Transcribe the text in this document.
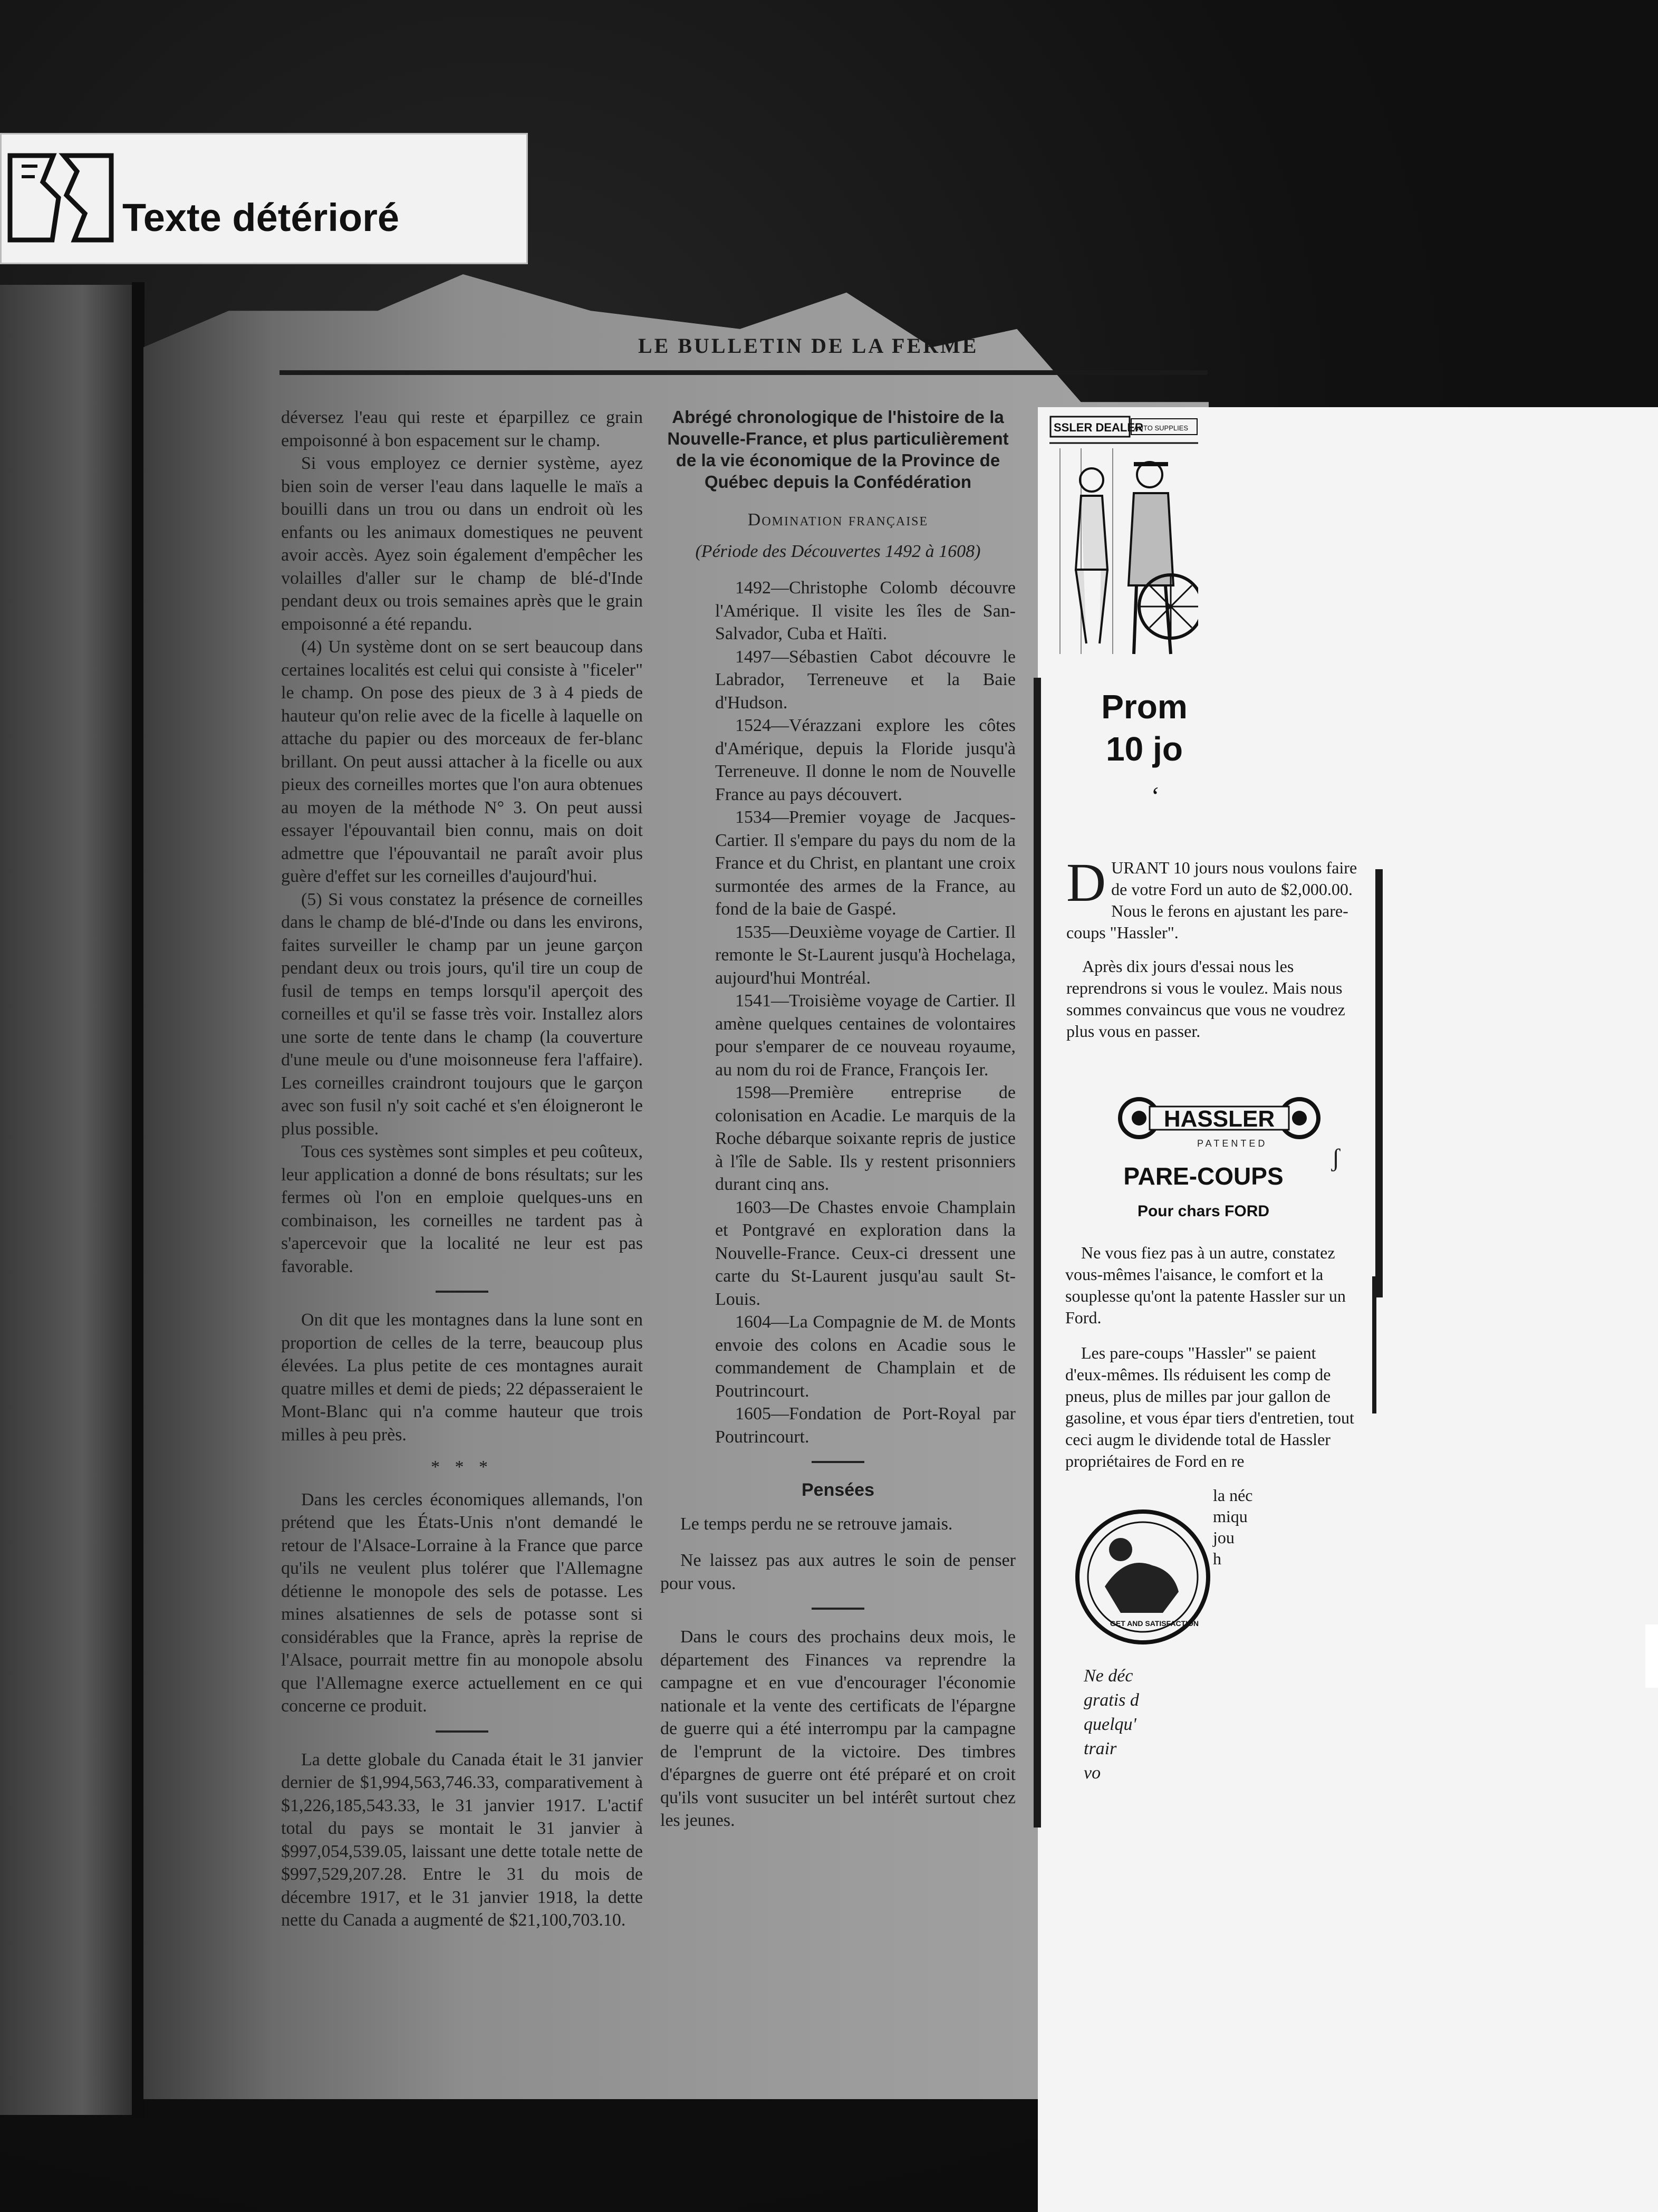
Texte détérioré
LE BULLETIN DE LA FERME

déversez l'eau qui reste et éparpillez ce grain empoisonné à bon espacement sur le champ.

Si vous employez ce dernier système, ayez bien soin de verser l'eau dans laquelle le maïs a bouilli dans un trou ou dans un endroit où les enfants ou les animaux domestiques ne peuvent avoir accès. Ayez soin également d'empêcher les volailles d'aller sur le champ de blé-d'Inde pendant deux ou trois semaines après que le grain empoisonné a été repandu.

(4) Un système dont on se sert beaucoup dans certaines localités est celui qui consiste à "ficeler" le champ. On pose des pieux de 3 à 4 pieds de hauteur qu'on relie avec de la ficelle à laquelle on attache du papier ou des morceaux de fer-blanc brillant. On peut aussi attacher à la ficelle ou aux pieux des corneilles mortes que l'on aura obtenues au moyen de la méthode N° 3. On peut aussi essayer l'épouvantail bien connu, mais on doit admettre que l'épouvantail ne paraît avoir plus guère d'effet sur les corneilles d'aujourd'hui.

(5) Si vous constatez la présence de corneilles dans le champ de blé-d'Inde ou dans les environs, faites surveiller le champ par un jeune garçon pendant deux ou trois jours, qu'il tire un coup de fusil de temps en temps lorsqu'il aperçoit des corneilles et qu'il se fasse très voir. Installez alors une sorte de tente dans le champ (la couverture d'une meule ou d'une moisonneuse fera l'affaire). Les corneilles craindront toujours que le garçon avec son fusil n'y soit caché et s'en éloigneront le plus possible.

Tous ces systèmes sont simples et peu coûteux, leur application a donné de bons résultats; sur les fermes où l'on en emploie quelques-uns en combinaison, les corneilles ne tardent pas à s'apercevoir que la localité ne leur est pas favorable.

On dit que les montagnes dans la lune sont en proportion de celles de la terre, beaucoup plus élevées. La plus petite de ces montagnes aurait quatre milles et demi de pieds; 22 dépasseraient le Mont-Blanc qui n'a comme hauteur que trois milles à peu près.

* * *

Dans les cercles économiques allemands, l'on prétend que les États-Unis n'ont demandé le retour de l'Alsace-Lorraine à la France que parce qu'ils ne veulent plus tolérer que l'Allemagne détienne le monopole des sels de potasse. Les mines alsatiennes de sels de potasse sont si considérables que la France, après la reprise de l'Alsace, pourrait mettre fin au monopole absolu que l'Allemagne exerce actuellement en ce qui concerne ce produit.

La dette globale du Canada était le 31 janvier dernier de $1,994,563,746.33, comparativement à $1,226,185,543.33, le 31 janvier 1917. L'actif total du pays se montait le 31 janvier à $997,054,539.05, laissant une dette totale nette de $997,529,207.28. Entre le 31 du mois de décembre 1917, et le 31 janvier 1918, la dette nette du Canada a augmenté de $21,100,703.10.

Abrégé chronologique de l'histoire de la Nouvelle-France, et plus particulièrement de la vie économique de la Province de Québec depuis la Confédération
Domination française
(Période des Découvertes 1492 à 1608)

1492—Christophe Colomb découvre l'Amérique. Il visite les îles de San-Salvador, Cuba et Haïti.

1497—Sébastien Cabot découvre le Labrador, Terreneuve et la Baie d'Hudson.

1524—Vérazzani explore les côtes d'Amérique, depuis la Floride jusqu'à Terreneuve. Il donne le nom de Nouvelle France au pays découvert.

1534—Premier voyage de Jacques-Cartier. Il s'empare du pays du nom de la France et du Christ, en plantant une croix surmontée des armes de la France, au fond de la baie de Gaspé.

1535—Deuxième voyage de Cartier. Il remonte le St-Laurent jusqu'à Hochelaga, aujourd'hui Montréal.

1541—Troisième voyage de Cartier. Il amène quelques centaines de volontaires pour s'emparer de ce nouveau royaume, au nom du roi de France, François Ier.

1598—Première entreprise de colonisation en Acadie. Le marquis de la Roche débarque soixante repris de justice à l'île de Sable. Ils y restent prisonniers durant cinq ans.

1603—De Chastes envoie Champlain et Pontgravé en exploration dans la Nouvelle-France. Ceux-ci dressent une carte du St-Laurent jusqu'au sault St-Louis.

1604—La Compagnie de M. de Monts envoie des colons en Acadie sous le commandement de Champlain et de Poutrincourt.

1605—Fondation de Port-Royal par Poutrincourt.

Pensées

Le temps perdu ne se retrouve jamais.

Ne laissez pas aux autres le soin de penser pour vous.

Dans le cours des prochains deux mois, le département des Finances va reprendre la campagne et en vue d'encourager l'économie nationale et la vente des certificats de l'épargne de guerre qui a été interrompu par la campagne de l'emprunt de la victoire. Des timbres d'épargnes de guerre ont été préparé et on croit qu'ils vont susuciter un bel intérêt surtout chez les jeunes.

SSLER DEALER
AUTO SUPPLIES
Prom
10 jo
‘
D URANT 10 jours nous voulons faire de votre Ford un auto de $2,000.00. Nous le ferons en ajustant les pare-coups "Hassler".
Après dix jours d'essai nous les reprendrons si vous le voulez. Mais nous sommes convaincus que vous ne voudrez plus vous en passer.
HASSLER
PATENTED
ʃ
PARE-COUPS
Pour chars FORD
Ne vous fiez pas à un autre, constatez vous-mêmes l'aisance, le comfort et la souplesse qu'ont la patente Hassler sur un Ford.
Les pare-coups "Hassler" se paient d'eux-mêmes. Ils réduisent les comp de pneus, plus de milles par jour gallon de gasoline, et vous épar tiers d'entretien, tout ceci augm le dividende total de Hassler propriétaires de Ford en re
la néc
miqu
jou
h
GET AND SATISFACTION
Ne déc
gratis d
quelqu'
trair
vo
